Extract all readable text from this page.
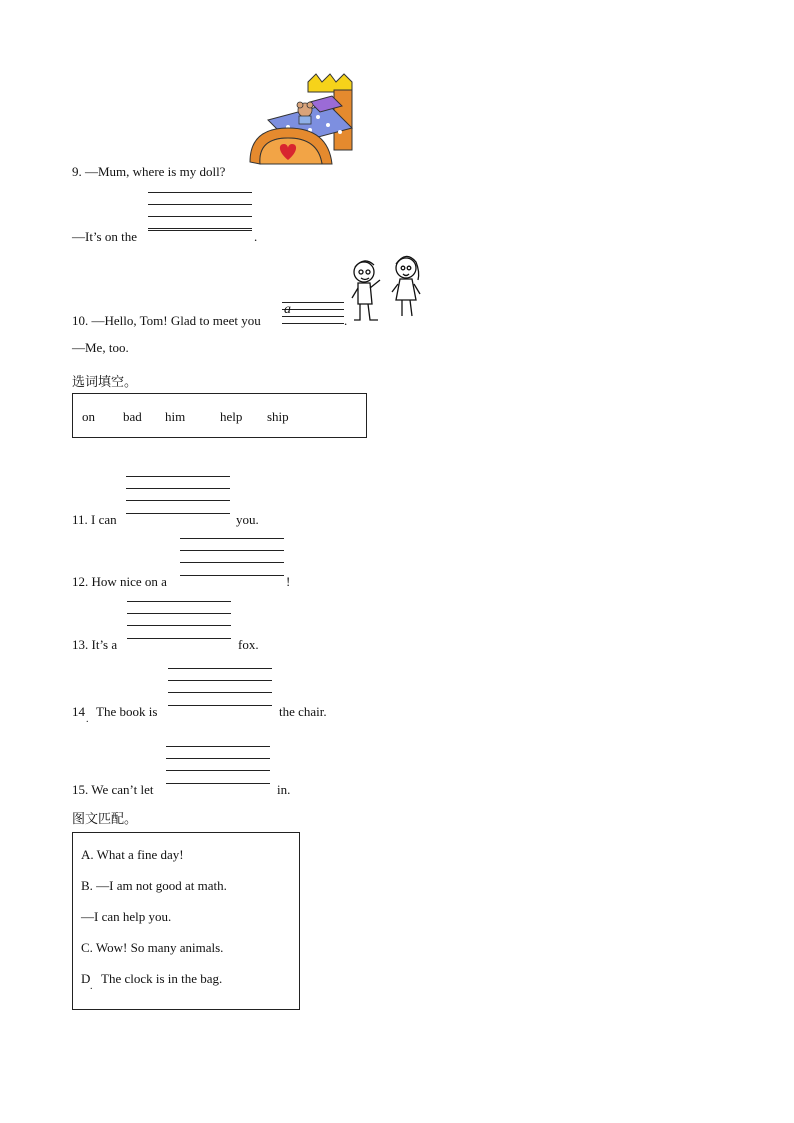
9. —Mum, where is my doll?
—It’s on the	.
10. —Hello, Tom! Glad to meet you
a
.
—Me, too.
选词填空。
on bad him	help ship
11. I can	you.
12. How nice on a	!
13. It’s a	fox.
14
.
The book is	the chair.
15. We can’t let	in.
图文匹配。
A. What a fine day!
B. —I am not good at math.
—I can help you.
C. Wow! So many animals.
D
.
The clock is in the bag.
